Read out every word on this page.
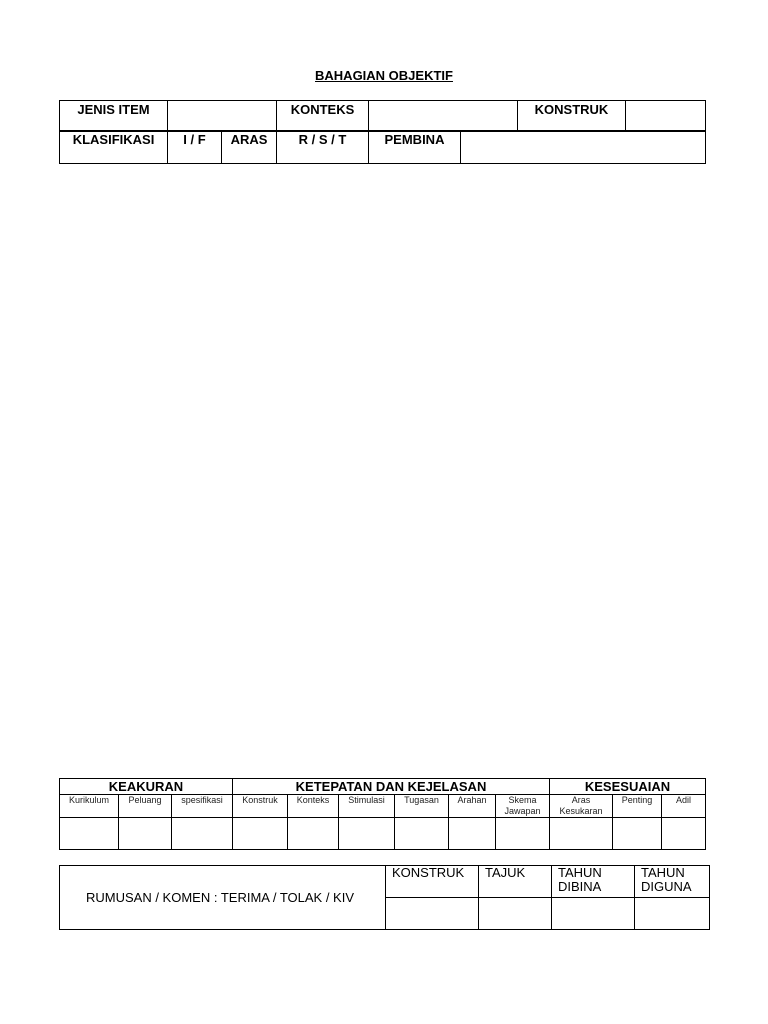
BAHAGIAN OBJEKTIF
JENIS ITEM		KONTEKS		KONSTRUK	
KLASIFIKASI	I / F	ARAS	R / S / T	PEMBINA	
KEAKURAN			KETEPATAN DAN KEJELASAN						KESESUAIAN		
Kurikulum	Peluang	spesifikasi	Konstruk	Konteks	Stimulasi	Tugasan	Arahan	Skema Jawapan	Aras Kesukaran	Penting	Adil

RUMUSAN / KOMEN : TERIMA / TOLAK / KIV	KONSTRUK	TAJUK	TAHUN DIBINA	TAHUN DIGUNA
